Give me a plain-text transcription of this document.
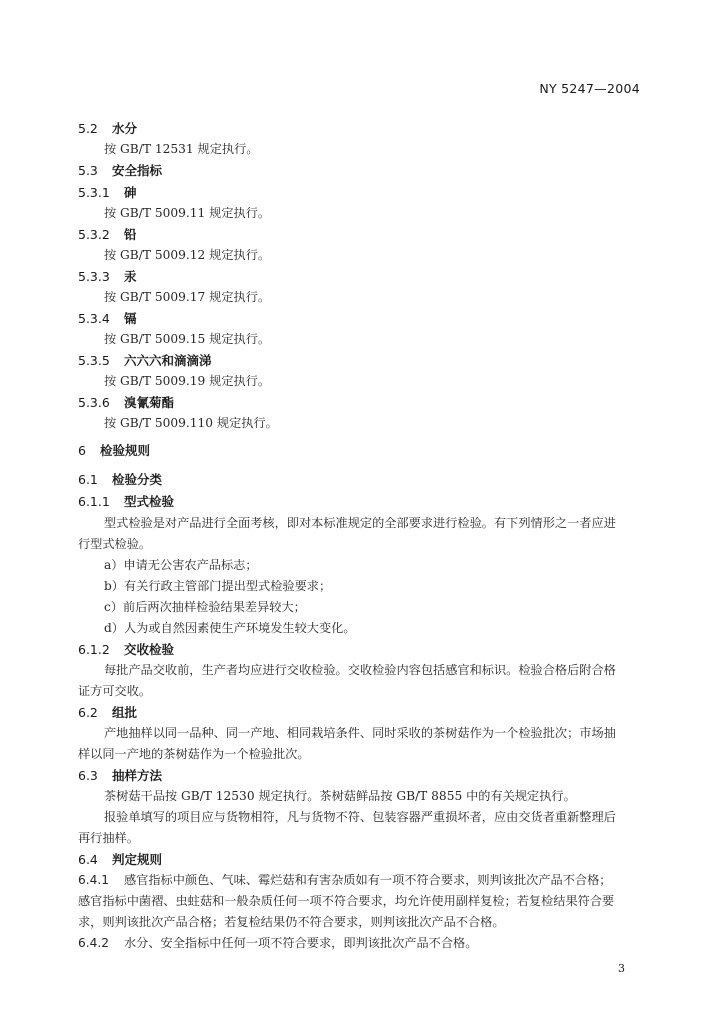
NY 5247—2004
5.2 水分
按 GB/T 12531 规定执行。
5.3 安全指标
5.3.1 砷
按 GB/T 5009.11 规定执行。
5.3.2 铅
按 GB/T 5009.12 规定执行。
5.3.3 汞
按 GB/T 5009.17 规定执行。
5.3.4 镉
按 GB/T 5009.15 规定执行。
5.3.5 六六六和滴滴涕
按 GB/T 5009.19 规定执行。
5.3.6 溴氰菊酯
按 GB/T 5009.110 规定执行。
6 检验规则
6.1 检验分类
6.1.1 型式检验
型式检验是对产品进行全面考核，即对本标准规定的全部要求进行检验。有下列情形之一者应进
行型式检验。
a）申请无公害农产品标志；
b）有关行政主管部门提出型式检验要求；
c）前后两次抽样检验结果差异较大；
d）人为或自然因素使生产环境发生较大变化。
6.1.2 交收检验
每批产品交收前，生产者均应进行交收检验。交收检验内容包括感官和标识。检验合格后附合格
证方可交收。
6.2 组批
产地抽样以同一品种、同一产地、相同栽培条件、同时采收的茶树菇作为一个检验批次；市场抽
样以同一产地的茶树菇作为一个检验批次。
6.3 抽样方法
茶树菇干品按 GB/T 12530 规定执行。茶树菇鲜品按 GB/T 8855 中的有关规定执行。
报验单填写的项目应与货物相符，凡与货物不符、包装容器严重损坏者，应由交货者重新整理后
再行抽样。
6.4 判定规则
6.4.1 感官指标中颜色、气味、霉烂菇和有害杂质如有一项不符合要求，则判该批次产品不合格；
感官指标中菌褶、虫蛀菇和一般杂质任何一项不符合要求，均允许使用副样复检；若复检结果符合要
求，则判该批次产品合格；若复检结果仍不符合要求，则判该批次产品不合格。
6.4.2 水分、安全指标中任何一项不符合要求，即判该批次产品不合格。
3
